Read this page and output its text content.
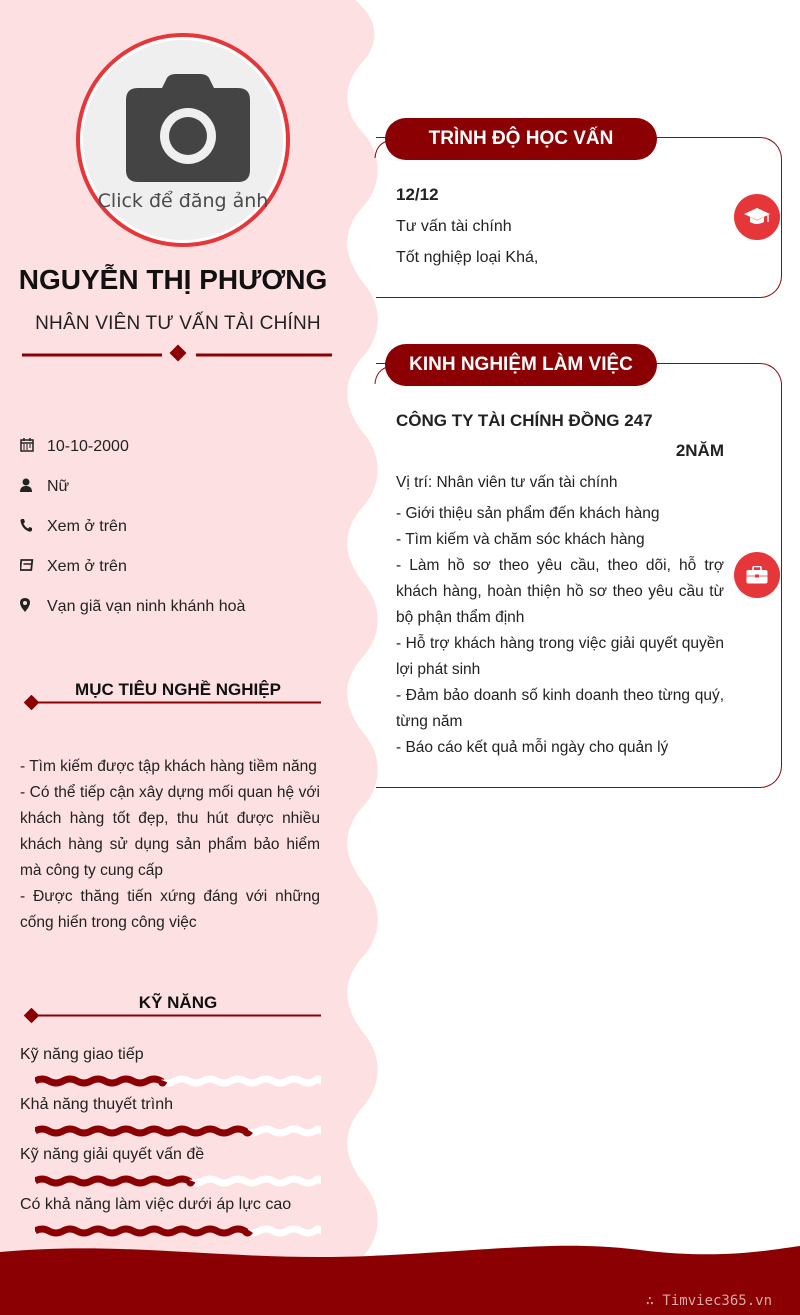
Click để đăng ảnh
NGUYỄN THỊ PHƯƠNG
NHÂN VIÊN TƯ VẤN TÀI CHÍNH
10-10-2000
Nữ
Xem ở trên
Xem ở trên
Vạn giã vạn ninh khánh hoà
MỤC TIÊU NGHỀ NGHIỆP

- Tìm kiếm được tập khách hàng tiềm năng

- Có thể tiếp cận xây dựng mối quan hệ với khách hàng tốt đẹp, thu hút được nhiều khách hàng sử dụng sản phẩm bảo hiểm mà công ty cung cấp

- Được thăng tiến xứng đáng với những cống hiến trong công việc

KỸ NĂNG
Kỹ năng giao tiếp
Khả năng thuyết trình
Kỹ năng giải quyết vấn đề
Có khả năng làm việc dưới áp lực cao
TRÌNH ĐỘ HỌC VẤN
12/12
Tư vấn tài chính
Tốt nghiệp loại Khá,
KINH NGHIỆM LÀM VIỆC
CÔNG TY TÀI CHÍNH ĐỒNG 247
2NĂM

Vị trí: Nhân viên tư vấn tài chính

- Giới thiệu sản phẩm đến khách hàng

- Tìm kiếm và chăm sóc khách hàng

- Làm hồ sơ theo yêu cầu, theo dõi, hỗ trợ khách hàng, hoàn thiện hồ sơ theo yêu cầu từ bộ phận thẩm định

- Hỗ trợ khách hàng trong việc giải quyết quyền lợi phát sinh

- Đảm bảo doanh số kinh doanh theo từng quý, từng năm

- Báo cáo kết quả mỗi ngày cho quản lý

∴ Timviec365.vn
